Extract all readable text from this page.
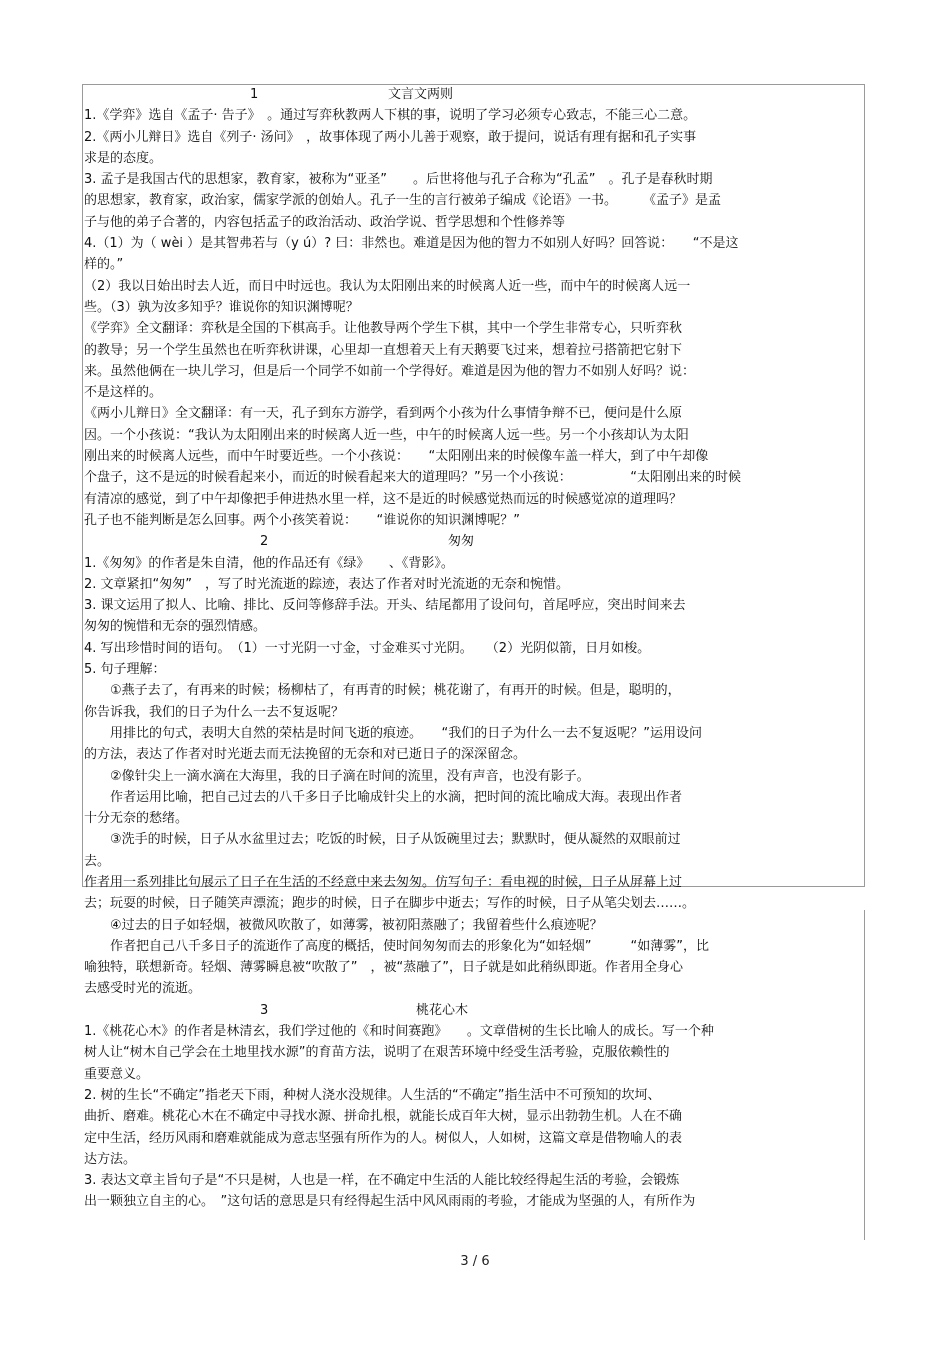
1	文言文两则
1.《学弈》选自《孟子· 告子》　。通过写弈秋教两人下棋的事，说明了学习必须专心致志，不能三心二意。
2.《两小儿辩日》选自《列子· 汤问》　，故事体现了两小儿善于观察，敢于提问，说话有理有据和孔子实事
求是的态度。
3. 孟子是我国古代的思想家，教育家，被称为“亚圣”　　。后世将他与孔子合称为“孔孟”　。孔子是春秋时期
的思想家，教育家，政治家，儒家学派的创始人。孔子一生的言行被弟子编成《论语》一书。　　　《孟子》是孟
子与他的弟子合著的，内容包括孟子的政治活动、政治学说、哲学思想和个性修养等
4.（1）为（ wèi ）是其智弗若与（y ú）? 曰：非然也。难道是因为他的智力不如别人好吗？回答说：　　“不是这
样的。”
（2）我以日始出时去人近，而日中时远也。我认为太阳刚出来的时候离人近一些，而中午的时候离人远一
些。（3）孰为汝多知乎？谁说你的知识渊博呢？
《学弈》全文翻译：弈秋是全国的下棋高手。让他教导两个学生下棋，其中一个学生非常专心，只听弈秋
的教导；另一个学生虽然也在听弈秋讲课，心里却一直想着天上有天鹅要飞过来，想着拉弓搭箭把它射下
来。虽然他俩在一块儿学习，但是后一个同学不如前一个学得好。难道是因为他的智力不如别人好吗？说：
不是这样的。
《两小儿辩日》全文翻译：有一天，孔子到东方游学，看到两个小孩为什么事情争辩不已，便问是什么原
因。一个小孩说：“我认为太阳刚出来的时候离人近一些，中午的时候离人远一些。另一个小孩却认为太阳
刚出来的时候离人远些，而中午时要近些。一个小孩说：　　“太阳刚出来的时候像车盖一样大，到了中午却像
个盘子，这不是远的时候看起来小，而近的时候看起来大的道理吗？”另一个小孩说：　　　　　“太阳刚出来的时候
有清凉的感觉，到了中午却像把手伸进热水里一样，这不是近的时候感觉热而远的时候感觉凉的道理吗？
孔子也不能判断是怎么回事。两个小孩笑着说：　　“谁说你的知识渊博呢？”
2	匆匆
1.《匆匆》的作者是朱自清，他的作品还有《绿》　　、《背影》。
2. 文章紧扣“匆匆”　，写了时光流逝的踪迹，表达了作者对时光流逝的无奈和惋惜。
3. 课文运用了拟人、比喻、排比、反问等修辞手法。开头、结尾都用了设问句，首尾呼应，突出时间来去
匆匆的惋惜和无奈的强烈情感。
4. 写出珍惜时间的语句。　（1）一寸光阴一寸金，寸金难买寸光阴。　　（2）光阴似箭，日月如梭。
5. 句子理解：
　　①燕子去了，有再来的时候；杨柳枯了，有再青的时候；桃花谢了，有再开的时候。但是，聪明的，
你告诉我，我们的日子为什么一去不复返呢？
　　用排比的句式，表明大自然的荣枯是时间飞逝的痕迹。　　“我们的日子为什么一去不复返呢？”运用设问
的方法，表达了作者对时光逝去而无法挽留的无奈和对已逝日子的深深留念。
　　②像针尖上一滴水滴在大海里，我的日子滴在时间的流里，没有声音，也没有影子。
　　作者运用比喻，把自己过去的八千多日子比喻成针尖上的水滴，把时间的流比喻成大海。表现出作者
十分无奈的愁绪。
　　③洗手的时候，日子从水盆里过去；吃饭的时候，日子从饭碗里过去；默默时，便从凝然的双眼前过
去。
作者用一系列排比句展示了日子在生活的不经意中来去匆匆。仿写句子：看电视的时候，日子从屏幕上过
去；玩耍的时候，日子随笑声漂流；跑步的时候，日子在脚步中逝去；写作的时候，日子从笔尖划去……。
　　④过去的日子如轻烟，被微风吹散了，如薄雾，被初阳蒸融了；我留着些什么痕迹呢？
　　作者把自己八千多日子的流逝作了高度的概括，使时间匆匆而去的形象化为“如轻烟”　　　“如薄雾”，比
喻独特，联想新奇。轻烟、薄雾瞬息被“吹散了”　，被“蒸融了”，日子就是如此稍纵即逝。作者用全身心
去感受时光的流逝。
3	桃花心木
1.《桃花心木》的作者是林清玄，我们学过他的《和时间赛跑》　　。文章借树的生长比喻人的成长。写一个种
树人让“树木自己学会在土地里找水源”的育苗方法，说明了在艰苦环境中经受生活考验，克服依赖性的
重要意义。
2. 树的生长“不确定”指老天下雨，种树人浇水没规律。人生活的“不确定”指生活中不可预知的坎坷、
曲折、磨难。桃花心木在不确定中寻找水源、拼命扎根，就能长成百年大树，显示出勃勃生机。人在不确
定中生活，经历风雨和磨难就能成为意志坚强有所作为的人。树似人，人如树，这篇文章是借物喻人的表
达方法。
3. 表达文章主旨句子是“不只是树，人也是一样，在不确定中生活的人能比较经得起生活的考验，会锻炼
出一颗独立自主的心。　”这句话的意思是只有经得起生活中风风雨雨的考验，才能成为坚强的人，有所作为
3 / 6
